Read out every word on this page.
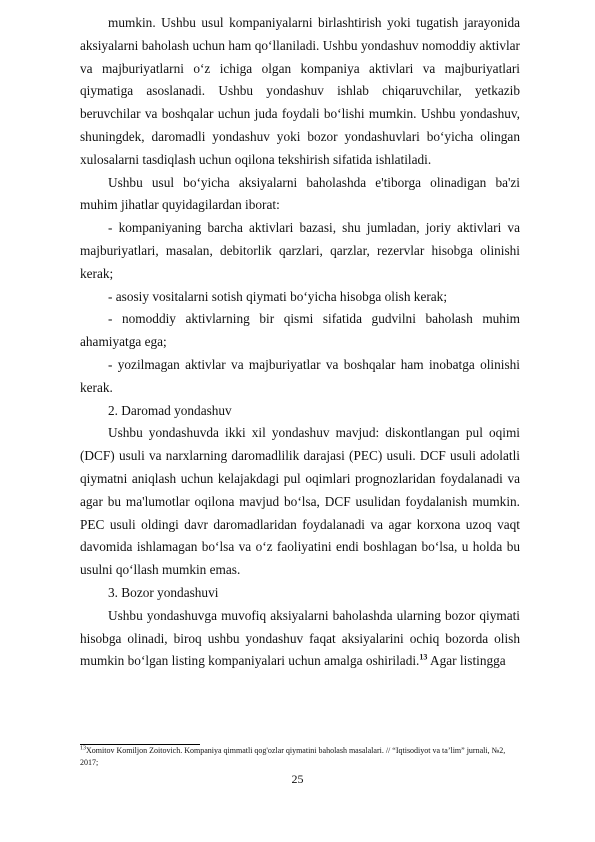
mumkin. Ushbu usul kompaniyalarni birlashtirish yoki tugatish jarayonida aksiyalarni baholash uchun ham qo‘llaniladi. Ushbu yondashuv nomoddiy aktivlar va majburiyatlarni o‘z ichiga olgan kompaniya aktivlari va majburiyatlari qiymatiga asoslanadi. Ushbu yondashuv ishlab chiqaruvchilar, yetkazib beruvchilar va boshqalar uchun juda foydali bo‘lishi mumkin. Ushbu yondashuv, shuningdek, daromadli yondashuv yoki bozor yondashuvlari bo‘yicha olingan xulosalarni tasdiqlash uchun oqilona tekshirish sifatida ishlatiladi.

Ushbu usul bo‘yicha aksiyalarni baholashda e'tiborga olinadigan ba'zi muhim jihatlar quyidagilardan iborat:

- kompaniyaning barcha aktivlari bazasi, shu jumladan, joriy aktivlari va majburiyatlari, masalan, debitorlik qarzlari, qarzlar, rezervlar hisobga olinishi kerak;

- asosiy vositalarni sotish qiymati bo‘yicha hisobga olish kerak;

- nomoddiy aktivlarning bir qismi sifatida gudvilni baholash muhim ahamiyatga ega;

- yozilmagan aktivlar va majburiyatlar va boshqalar ham inobatga olinishi kerak.

2. Daromad yondashuv

Ushbu yondashuvda ikki xil yondashuv mavjud: diskontlangan pul oqimi (DCF) usuli va narxlarning daromadlilik darajasi (PEC) usuli. DCF usuli adolatli qiymatni aniqlash uchun kelajakdagi pul oqimlari prognozlaridan foydalanadi va agar bu ma'lumotlar oqilona mavjud bo‘lsa, DCF usulidan foydalanish mumkin. PEC usuli oldingi davr daromadlaridan foydalanadi va agar korxona uzoq vaqt davomida ishlamagan bo‘lsa va o‘z faoliyatini endi boshlagan bo‘lsa, u holda bu usulni qo‘llash mumkin emas.

3. Bozor yondashuvi

Ushbu yondashuvga muvofiq aksiyalarni baholashda ularning bozor qiymati hisobga olinadi, biroq ushbu yondashuv faqat aksiyalarini ochiq bozorda olish mumkin bo‘lgan listing kompaniyalari uchun amalga oshiriladi.$^{13}$ Agar listingga

$^{13}$Xomitov Komiljon Zoitovich. Kompaniya qimmatli qog'ozlar qiymatini baholash masalalari. // “Iqtisodiyot va ta’lim” jurnali, №2, 2017;
25
